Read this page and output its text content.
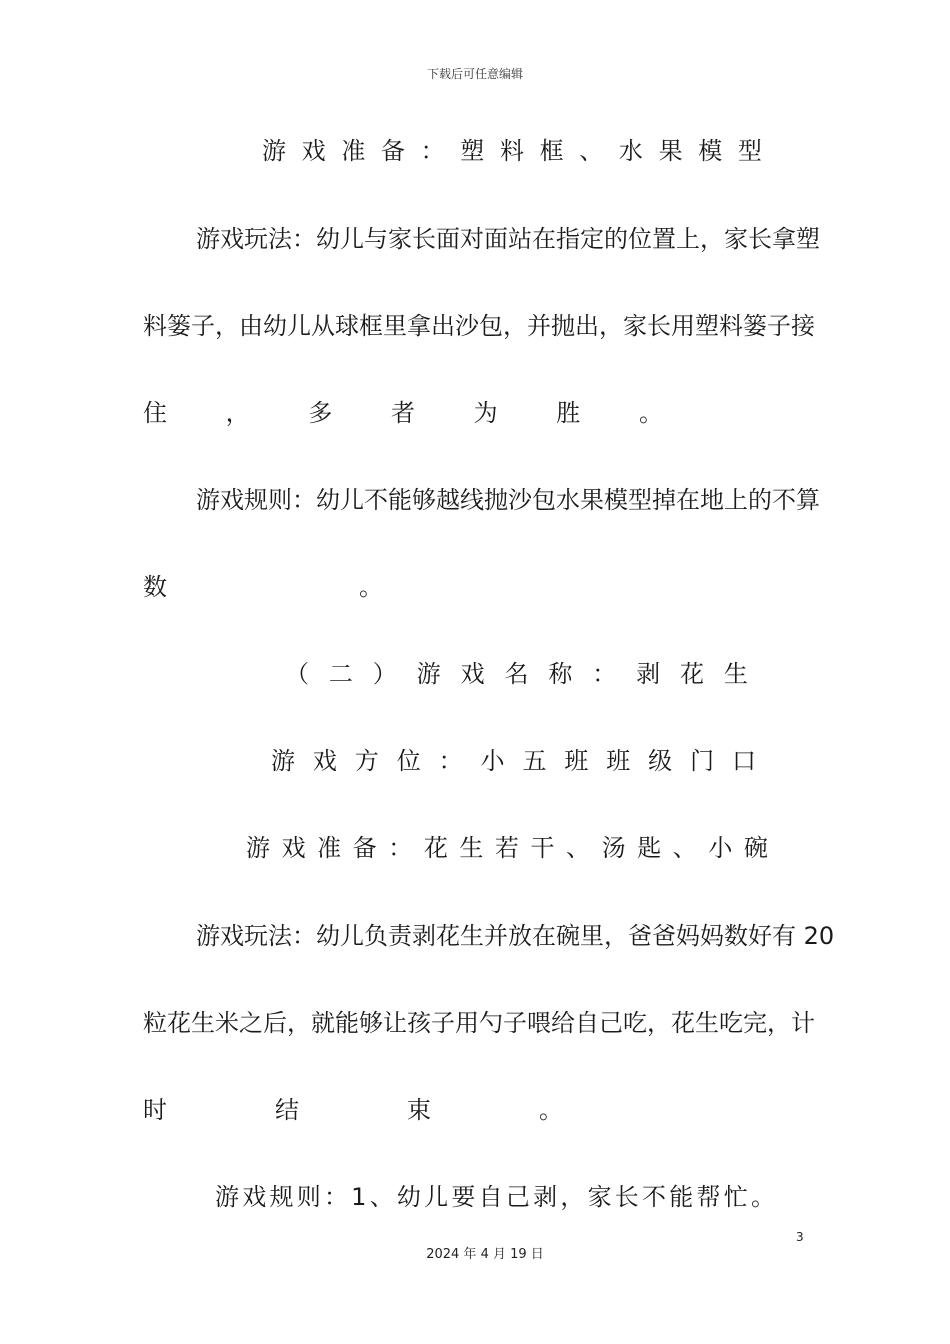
下载后可任意编辑
游 戏 准 备 ： 塑 料 框 、 水 果 模 型
游戏玩法：幼儿与家长面对面站在指定的位置上，家长拿塑
料篓子，由幼儿从球框里拿出沙包，并抛出，家长用塑料篓子接
住 ， 多 者 为 胜 。
游戏规则：幼儿不能够越线抛沙包水果模型掉在地上的不算
数	。
（ 二 ） 游 戏 名 称 ： 剥 花 生
游 戏 方 位 ： 小 五 班 班 级 门 口
游 戏 准 备 ： 花 生 若 干 、 汤 匙 、 小 碗
游戏玩法：幼儿负责剥花生并放在碗里，爸爸妈妈数好有 20
粒花生米之后，就能够让孩子用勺子喂给自己吃，花生吃完，计
时	结	束	。
游 戏 规 则 ： 1 、 幼 儿 要 自 己 剥 ， 家 长 不 能 帮 忙 。
3
2024 年 4 月 19 日
